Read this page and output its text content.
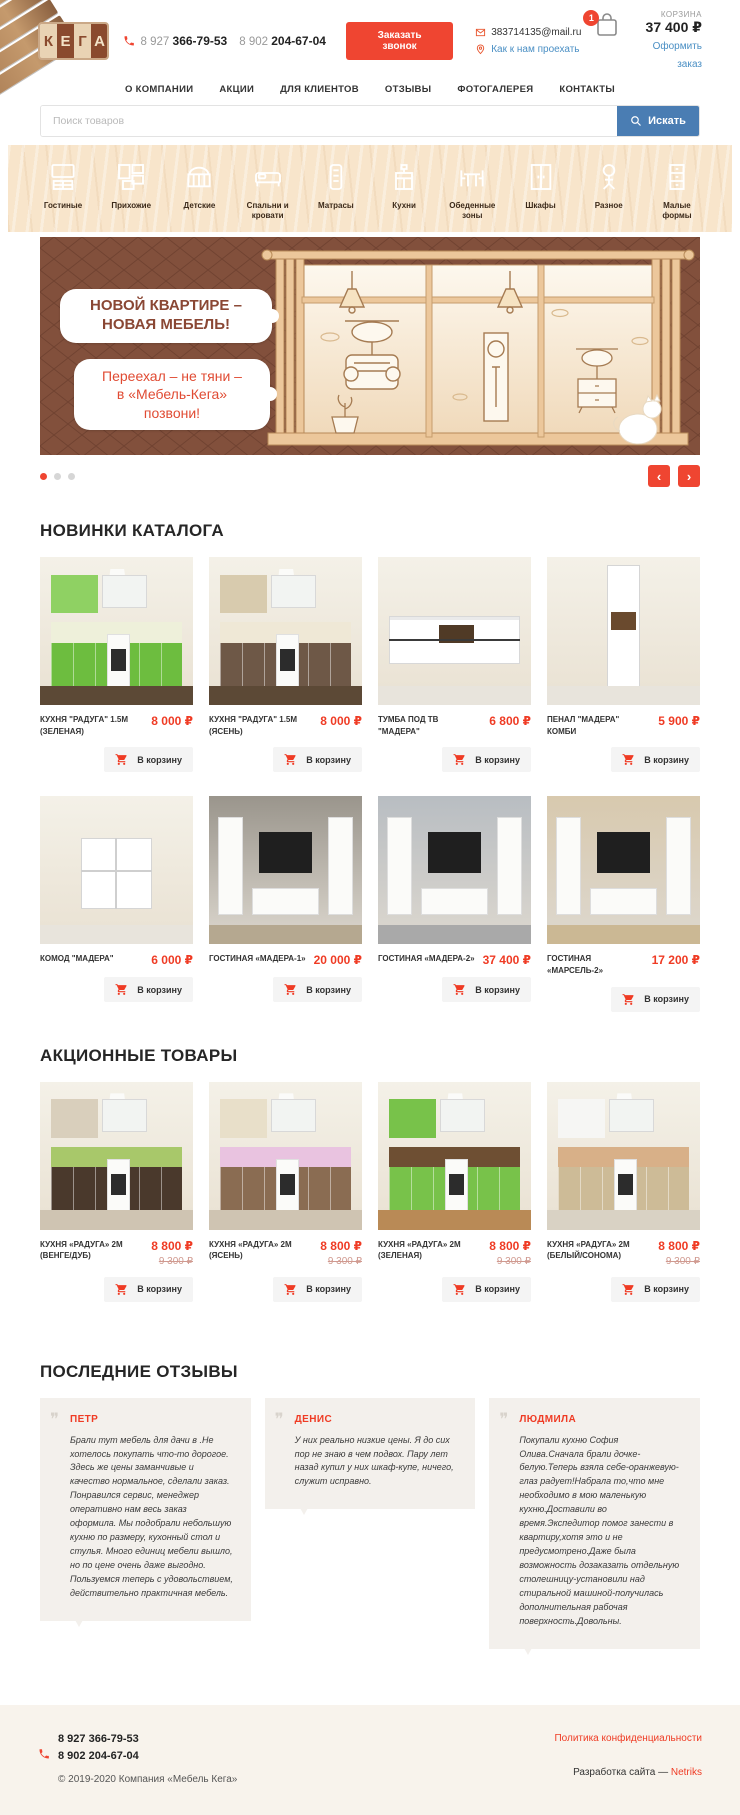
К Е Г А	8 927 366-79-53 8 902 204-67-04	Заказать звонок
383714135@mail.ru
Как к нам проехать
1	КОРЗИНА
37 400 ₽
Оформить заказ
О КОМПАНИИ	АКЦИИ	ДЛЯ КЛИЕНТОВ	ОТЗЫВЫ	ФОТОГАЛЕРЕЯ	КОНТАКТЫ
Поиск товаров
Искать
Гостиные	Прихожие	Детские	Спальни и кровати
Матрасы	Кухни	Обеденные зоны
Шкафы	Разное	Малые формы
НОВОЙ КВАРТИРЕ –
НОВАЯ МЕБЕЛЬ!
Переехал – не тяни –
в «Мебель-Кега»
позвони!
‹	›
НОВИНКИ КАТАЛОГА
КУХНЯ "РАДУГА" 1.5М (ЗЕЛЕНАЯ)
8 000 ₽
В корзину
КУХНЯ "РАДУГА" 1.5М (ЯСЕНЬ)
8 000 ₽
В корзину
ТУМБА ПОД ТВ "МАДЕРА"
6 800 ₽
В корзину
ПЕНАЛ "МАДЕРА" КОМБИ
5 900 ₽
В корзину
КОМОД "МАДЕРА"	6 000 ₽
В корзину
ГОСТИНАЯ «МАДЕРА-1» 20 000 ₽
В корзину
ГОСТИНАЯ «МАДЕРА-2» 37 400 ₽
В корзину
ГОСТИНАЯ «МАРСЕЛЬ-2»
17 200 ₽
В корзину
АКЦИОННЫЕ ТОВАРЫ
КУХНЯ «РАДУГА» 2М (ВЕНГЕ/ДУБ)
8 800 ₽
9 300 ₽
В корзину
КУХНЯ «РАДУГА» 2М (ЯСЕНЬ)
8 800 ₽
9 300 ₽
В корзину
КУХНЯ «РАДУГА» 2М (ЗЕЛЕНАЯ)
8 800 ₽
9 300 ₽
В корзину
КУХНЯ «РАДУГА» 2М (БЕЛЫЙ/СОНОМА)
8 800 ₽
9 300 ₽
В корзину
ПОСЛЕДНИЕ ОТЗЫВЫ
❞ ПЕТР
Брали тут мебель для дачи в .Не хотелось покупать что-то дорогое. Здесь же цены заманчивые и качество нормальное, сделали заказ. Понравился сервис, менеджер оперативно нам весь заказ оформила. Мы подобрали небольшую кухню по размеру, кухонный стол и стулья. Много единиц мебели вышло, но по цене очень даже выгодно. Пользуемся теперь с удовольствием, действительно практичная мебель.
❞ ДЕНИС
У них реально низкие цены. Я до сих пор не знаю в чем подвох. Пару лет назад купил у них шкаф-купе, ничего, служит исправно.
❞ ЛЮДМИЛА
Покупали кухню София Олива.Сначала брали дочке-белую.Теперь взяла себе-оранжевую-глаз радует!Набрала то,что мне необходимо в мою маленькую кухню.Доставили во время.Экспедитор помог занести в квартиру,хотя это и не предусмотрено.Даже была возможность дозаказать отдельную столешницу-установили над стиральной машиной-получилась дополнительная рабочая поверхность.Довольны.
8 927 366-79-53
8 902 204-67-04
© 2019-2020 Компания «Мебель Кега»
Политика конфиденциальности
Разработка сайта — Netriks
